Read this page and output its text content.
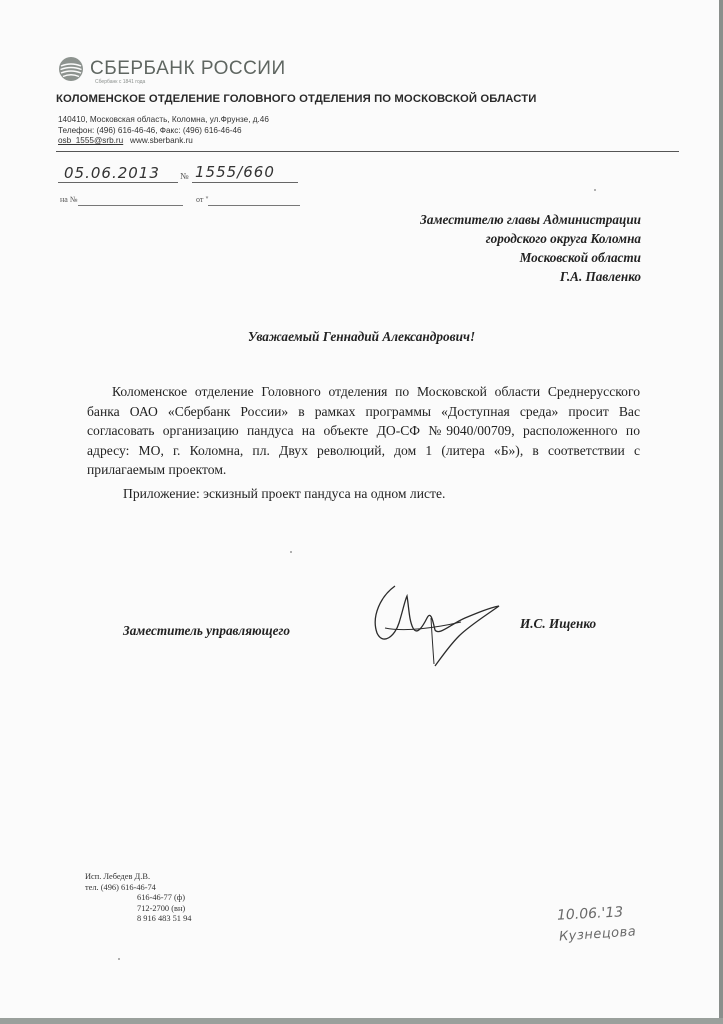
СБЕРБАНК РОССИИ
Сбербанк с 1841 года
КОЛОМЕНСКОЕ ОТДЕЛЕНИЕ ГОЛОВНОГО ОТДЕЛЕНИЯ ПО МОСКОВСКОЙ ОБЛАСТИ
140410, Московская область, Коломна, ул.Фрунзе, д.46
Телефон: (496) 616-46-46, Факс: (496) 616-46-46
osb_1555@srb.ru www.sberbank.ru
05.06.2013 № 1555/660
на №	от "
Заместителю главы Администрации
городского округа Коломна
Московской области
Г.А. Павленко
Уважаемый Геннадий Александрович!
Коломенское отделение Головного отделения по Московской области Среднерусского банка ОАО «Сбербанк России» в рамках программы «Доступная среда» просит Вас согласовать организацию пандуса на объекте ДО-СФ №9040/00709, расположенного по адресу: МО, г. Коломна, пл. Двух революций, дом 1 (литера «Б»), в соответствии с прилагаемым проектом.
Приложение: эскизный проект пандуса на одном листе.
Заместитель управляющего	И.С. Ищенко
Исп. Лебедев Д.В.
тел. (496) 616-46-74
616-46-77 (ф)
712-2700 (вн)
8 916 483 51 94	10.06.'13
Кузнецова
